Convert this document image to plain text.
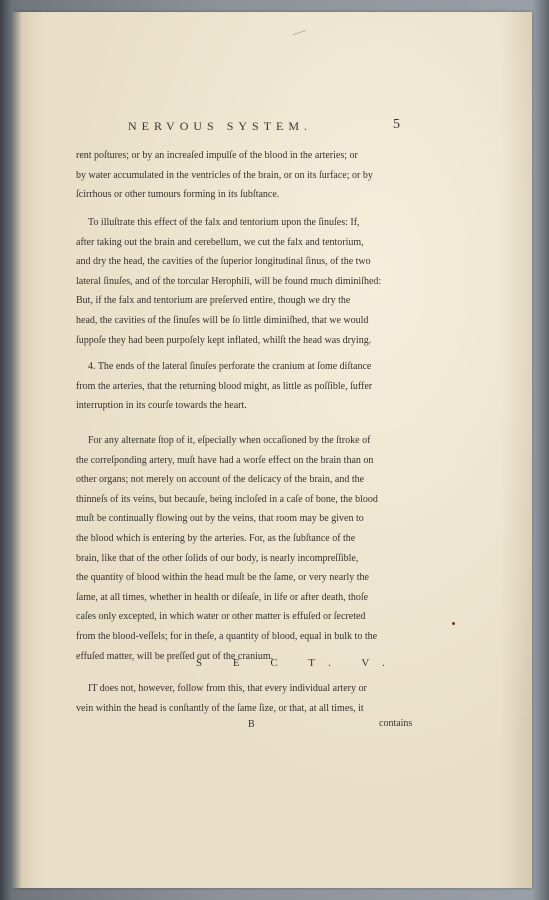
NERVOUS SYSTEM.	5
rent poſtures; or by an increaſed impulſe of the blood in the arteries; or
by water accumulated in the ventricles of the brain, or on its ſurface; or by
ſcirrhous or other tumours forming in its ſubſtance.
To illuſtrate this effect of the falx and tentorium upon the ſinuſes: If,
after taking out the brain and cerebellum, we cut the falx and tentorium,
and dry the head, the cavities of the ſuperior longitudinal ſinus, of the two
lateral ſinuſes, and of the torcular Herophili, will be found much diminiſhed:
But, if the falx and tentorium are preſerved entire, though we dry the
head, the cavities of the ſinuſes will be ſo little diminiſhed, that we would
ſuppoſe they had been purpoſely kept inflated, whilſt the head was drying.
4. The ends of the lateral ſinuſes perforate the cranium at ſome diſtance
from the arteries, that the returning blood might, as little as poſſible, ſuffer
interruption in its courſe towards the heart.
For any alternate ſtop of it, eſpecially when occaſioned by the ſtroke of
the correſponding artery, muſt have had a worſe effect on the brain than on
other organs; not merely on account of the delicacy of the brain, and the
thinneſs of its veins, but becauſe, being incloſed in a caſe of bone, the blood
muſt be continually flowing out by the veins, that room may be given to
the blood which is entering by the arteries. For, as the ſubſtance of the
brain, like that of the other ſolids of our body, is nearly incompreſſible,
the quantity of blood within the head muſt be the ſame, or very nearly the
ſame, at all times, whether in health or diſeaſe, in life or after death, thoſe
caſes only excepted, in which water or other matter is effuſed or ſecreted
from the blood-veſſels; for in theſe, a quantity of blood, equal in bulk to the
effuſed matter, will be preſſed out of the cranium.
S E C T. V.
IT does not, however, follow from this, that every individual artery or
vein within the head is conſtantly of the ſame ſize, or that, at all times, it
B	contains
